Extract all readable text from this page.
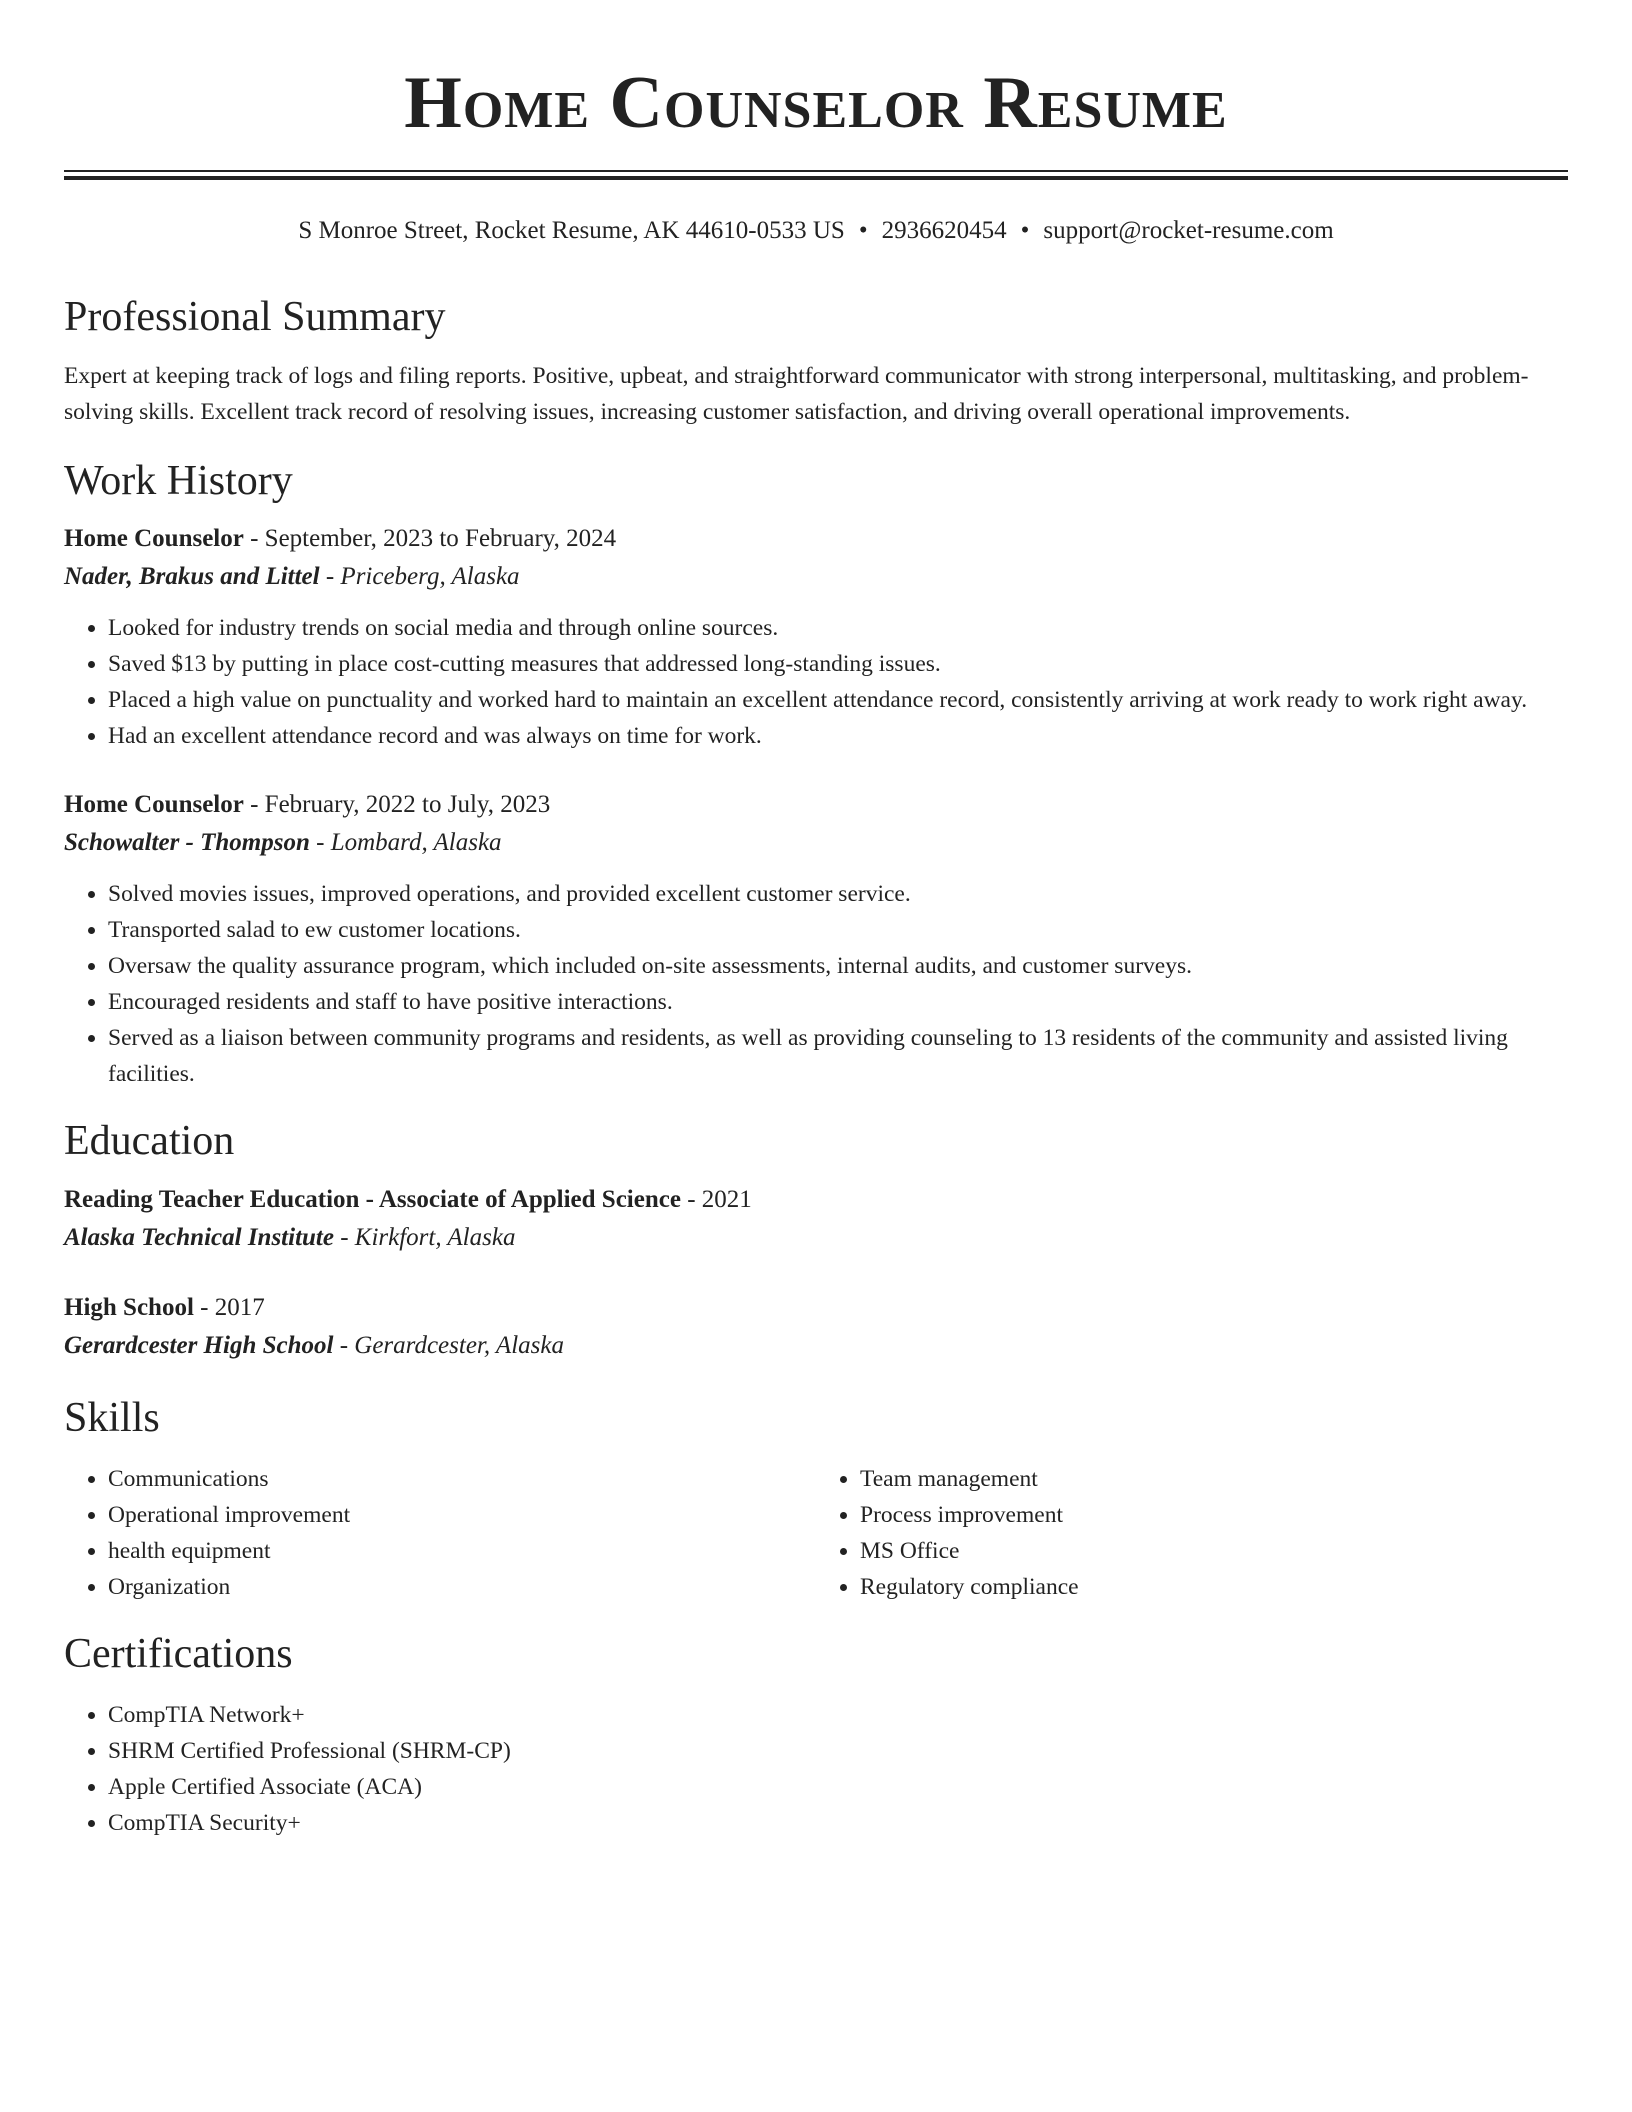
Home Counselor Resume
S Monroe Street, Rocket Resume, AK 44610-0533 US • 2936620454 • support@rocket-resume.com
Professional Summary

Expert at keeping track of logs and filing reports. Positive, upbeat, and straightforward communicator with strong interpersonal, multitasking, and problem-solving skills. Excellent track record of resolving issues, increasing customer satisfaction, and driving overall operational improvements.

Work History
Home Counselor - September, 2023 to February, 2024
Nader, Brakus and Littel - Priceberg, Alaska
• Looked for industry trends on social media and through online sources.
• Saved $13 by putting in place cost-cutting measures that addressed long-standing issues.
• Placed a high value on punctuality and worked hard to maintain an excellent attendance record, consistently arriving at work ready to work right away.
• Had an excellent attendance record and was always on time for work.
Home Counselor - February, 2022 to July, 2023
Schowalter - Thompson - Lombard, Alaska
• Solved movies issues, improved operations, and provided excellent customer service.
• Transported salad to ew customer locations.
• Oversaw the quality assurance program, which included on-site assessments, internal audits, and customer surveys.
• Encouraged residents and staff to have positive interactions.
• Served as a liaison between community programs and residents, as well as providing counseling to 13 residents of the community and assisted living facilities.
Education
Reading Teacher Education - Associate of Applied Science - 2021
Alaska Technical Institute - Kirkfort, Alaska
High School - 2017
Gerardcester High School - Gerardcester, Alaska
Skills
• Communications
• Operational improvement
• health equipment
• Organization
• Team management
• Process improvement
• MS Office
• Regulatory compliance
Certifications
• CompTIA Network+
• SHRM Certified Professional (SHRM-CP)
• Apple Certified Associate (ACA)
• CompTIA Security+
